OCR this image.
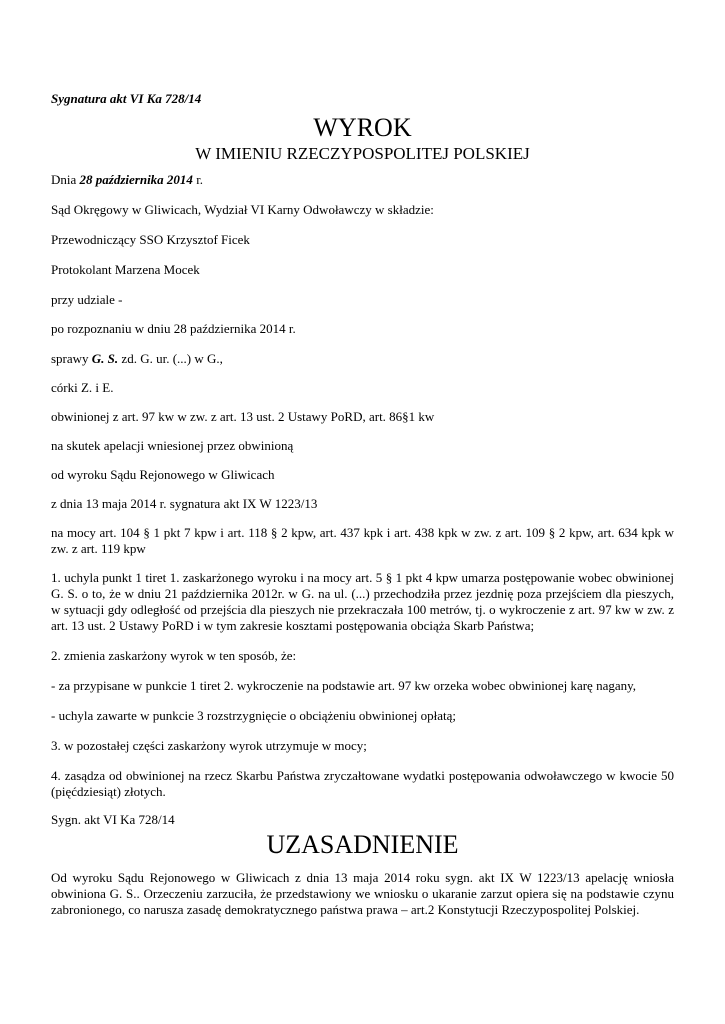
Sygnatura akt VI Ka 728/14
WYROK
W IMIENIU RZECZYPOSPOLITEJ POLSKIEJ
Dnia 28 października 2014 r.
Sąd Okręgowy w Gliwicach, Wydział VI Karny Odwoławczy w składzie:
Przewodniczący SSO Krzysztof Ficek
Protokolant Marzena Mocek
przy udziale -
po rozpoznaniu w dniu 28 października 2014 r.
sprawy G. S. zd. G. ur. (...) w G.,
córki Z. i E.
obwinionej z art. 97 kw w zw. z art. 13 ust. 2 Ustawy PoRD, art. 86§1 kw
na skutek apelacji wniesionej przez obwinioną
od wyroku Sądu Rejonowego w Gliwicach
z dnia 13 maja 2014 r. sygnatura akt IX W 1223/13
na mocy art. 104 § 1 pkt 7 kpw i art. 118 § 2 kpw, art. 437 kpk i art. 438 kpk w zw. z art. 109 § 2 kpw, art. 634 kpk w zw. z art. 119 kpw
1. uchyla punkt 1 tiret 1. zaskarżonego wyroku i na mocy art. 5 § 1 pkt 4 kpw umarza postępowanie wobec obwinionej G. S. o to, że w dniu 21 października 2012r. w G. na ul. (...) przechodziła przez jezdnię poza przejściem dla pieszych, w sytuacji gdy odległość od przejścia dla pieszych nie przekraczała 100 metrów, tj. o wykroczenie z art. 97 kw w zw. z art. 13 ust. 2 Ustawy PoRD i w tym zakresie kosztami postępowania obciąża Skarb Państwa;
2. zmienia zaskarżony wyrok w ten sposób, że:
- za przypisane w punkcie 1 tiret 2. wykroczenie na podstawie art. 97 kw orzeka wobec obwinionej karę nagany,
- uchyla zawarte w punkcie 3 rozstrzygnięcie o obciążeniu obwinionej opłatą;
3. w pozostałej części zaskarżony wyrok utrzymuje w mocy;
4. zasądza od obwinionej na rzecz Skarbu Państwa zryczałtowane wydatki postępowania odwoławczego w kwocie 50 (pięćdziesiąt) złotych.
Sygn. akt VI Ka 728/14
UZASADNIENIE
Od wyroku Sądu Rejonowego w Gliwicach z dnia 13 maja 2014 roku sygn. akt IX W 1223/13 apelację wniosła obwiniona G. S.. Orzeczeniu zarzuciła, że przedstawiony we wniosku o ukaranie zarzut opiera się na podstawie czynu zabronionego, co narusza zasadę demokratycznego państwa prawa – art.2 Konstytucji Rzeczypospolitej Polskiej.
